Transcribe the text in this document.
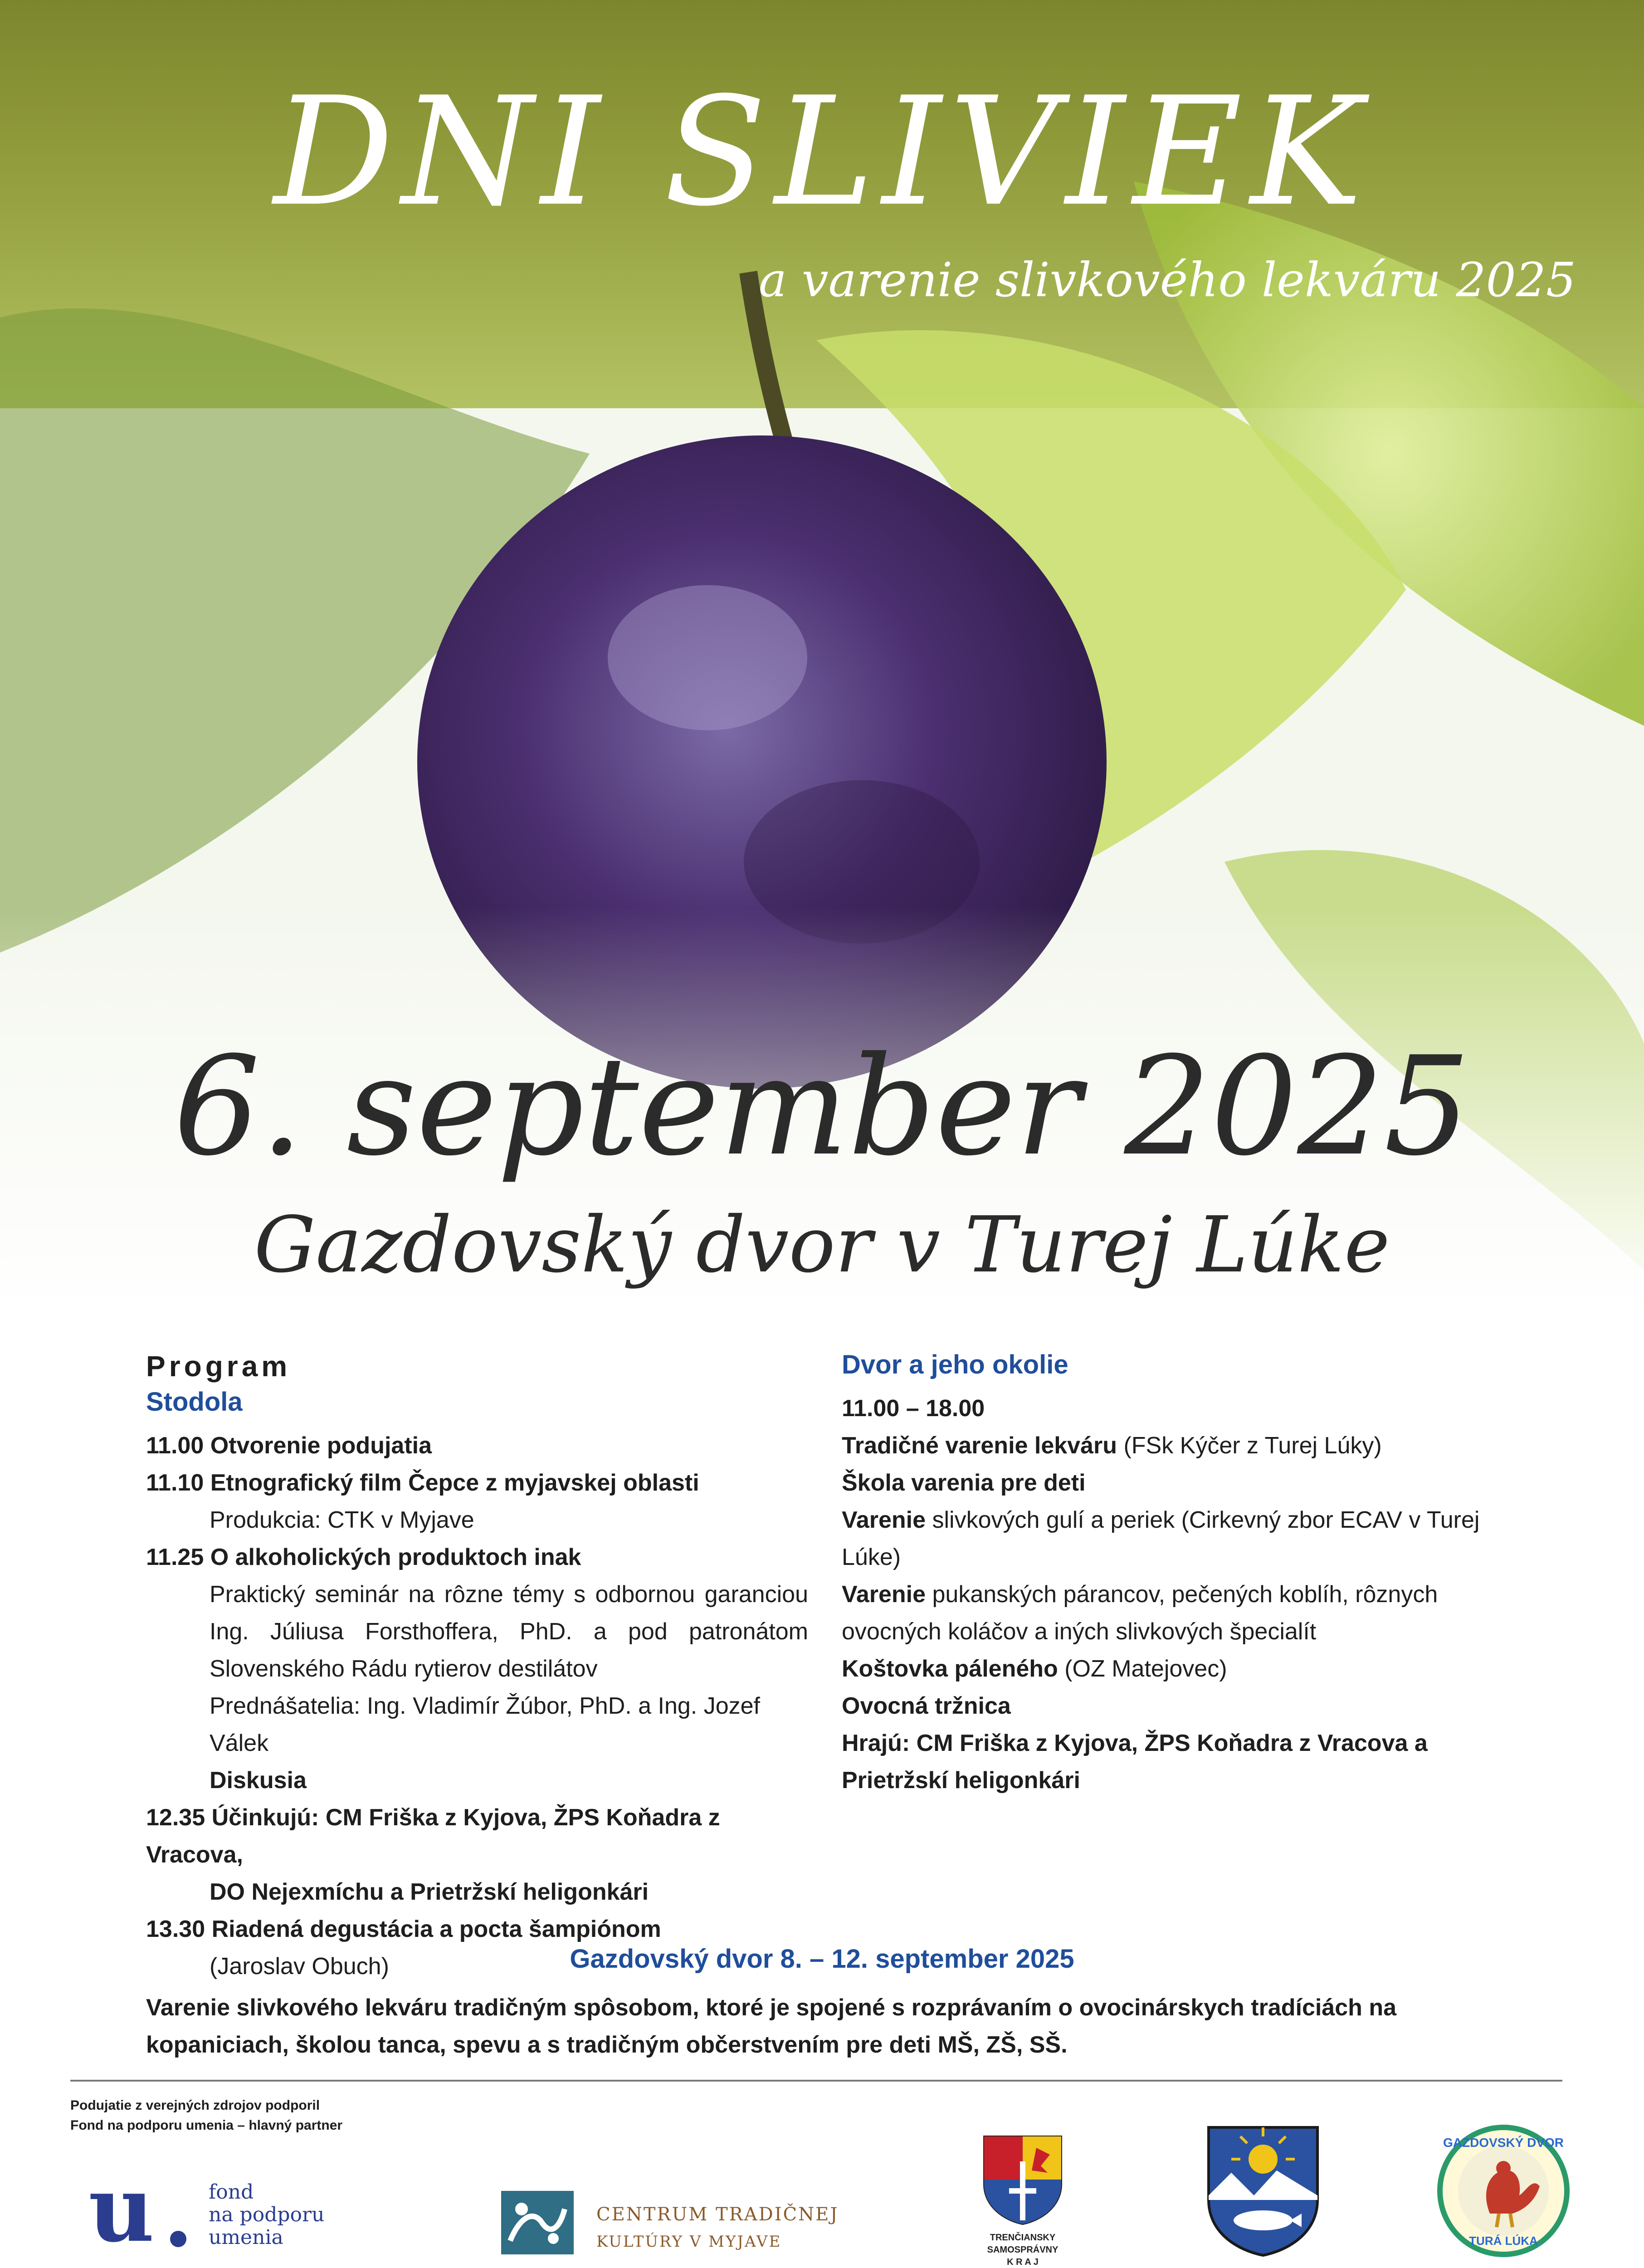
DNI SLIVIEK
a varenie slivkového lekváru 2025
6. september 2025
Gazdovský dvor v Turej Lúke
Program
Stodola
11.00 Otvorenie podujatia
11.10 Etnografický film Čepce z myjavskej oblasti
Produkcia: CTK v Myjave
11.25 O alkoholických produktoch inak
Praktický seminár na rôzne témy s odbornou garanciou Ing. Júliusa Forsthoffera, PhD. a pod patronátom Slovenského Rádu rytierov destilátov
Prednášatelia: Ing. Vladimír Žúbor, PhD. a Ing. Jozef Válek
Diskusia
12.35 Účinkujú: CM Friška z Kyjova, ŽPS Koňadra z Vracova,
DO Nejexmíchu a Prietržskí heligonkári
13.30 Riadená degustácia a pocta šampiónom
(Jaroslav Obuch)
Dvor a jeho okolie
11.00 – 18.00
Tradičné varenie lekváru (FSk Kýčer z Turej Lúky)
Škola varenia pre deti
Varenie slivkových gulí a periek (Cirkevný zbor ECAV v Turej Lúke)
Varenie pukanských párancov, pečených koblíh, rôznych ovocných koláčov a iných slivkových špecialít
Koštovka páleného (OZ Matejovec)
Ovocná tržnica
Hrajú: CM Friška z Kyjova, ŽPS Koňadra z Vracova a Prietržskí heligonkári
Gazdovský dvor 8. – 12. september 2025
Varenie slivkového lekváru tradičným spôsobom, ktoré je spojené s rozprávaním o ovocinárskych tradíciách na kopaniciach, školou tanca, spevu a s tradičným občerstvením pre deti MŠ, ZŠ, SŠ.
Podujatie z verejných zdrojov podporil
Fond na podporu umenia – hlavný partner
u	fond
na podporu
umenia
CENTRUM TRADIČNEJ
KULTÚRY V MYJAVE	TRENČIANSKY
SAMOSPRÁVNY
K R A J
GAZDOVSKÝ DVOR
TURÁ LÚKA
